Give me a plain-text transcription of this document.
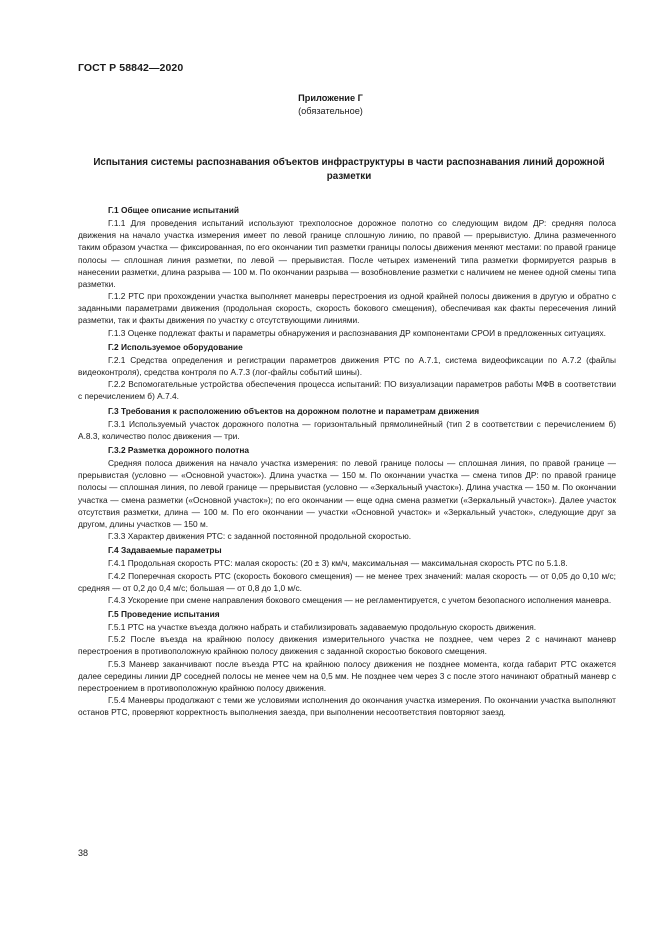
ГОСТ Р 58842—2020
Приложение Г
(обязательное)
Испытания системы распознавания объектов инфраструктуры в части распознавания линий дорожной разметки
Г.1 Общее описание испытаний

Г.1.1 Для проведения испытаний используют трехполосное дорожное полотно со следующим видом ДР: средняя полоса движения на начало участка измерения имеет по левой границе сплошную линию, по правой — прерывистую. Длина размеченного таким образом участка — фиксированная, по его окончании тип разметки границы полосы движения меняют местами: по правой границе полосы — сплошная линия разметки, по левой — прерывистая. После четырех изменений типа разметки формируется разрыв в нанесении разметки, длина разрыва — 100 м. По окончании разрыва — возобновление разметки с наличием не менее одной смены типа разметки.

Г.1.2 РТС при прохождении участка выполняет маневры перестроения из одной крайней полосы движения в другую и обратно с заданными параметрами движения (продольная скорость, скорость бокового смещения), обеспечивая как факты пересечения линий разметки, так и факты движения по участку с отсутствующими линиями.

Г.1.3 Оценке подлежат факты и параметры обнаружения и распознавания ДР компонентами СРОИ в предложенных ситуациях.

Г.2 Используемое оборудование

Г.2.1 Средства определения и регистрации параметров движения РТС по А.7.1, система видеофиксации по А.7.2 (файлы видеоконтроля), средства контроля по А.7.3 (лог-файлы событий шины).

Г.2.2 Вспомогательные устройства обеспечения процесса испытаний: ПО визуализации параметров работы МФВ в соответствии с перечислением б) А.7.4.

Г.3 Требования к расположению объектов на дорожном полотне и параметрам движения

Г.3.1 Используемый участок дорожного полотна — горизонтальный прямолинейный (тип 2 в соответствии с перечислением б) А.8.3, количество полос движения — три.

Г.3.2 Разметка дорожного полотна

Средняя полоса движения на начало участка измерения: по левой границе полосы — сплошная линия, по правой границе — прерывистая (условно — «Основной участок»). Длина участка — 150 м. По окончании участка — смена типов ДР: по правой границе полосы — сплошная линия, по левой границе — прерывистая (условно — «Зеркальный участок»). Длина участка — 150 м. По окончании участка — смена разметки («Основной участок»); по его окончании — еще одна смена разметки («Зеркальный участок»). Далее участок отсутствия разметки, длина — 100 м. По его окончании — участки «Основной участок» и «Зеркальный участок», следующие друг за другом, длины участков — 150 м.

Г.3.3 Характер движения РТС: с заданной постоянной продольной скоростью.

Г.4 Задаваемые параметры

Г.4.1 Продольная скорость РТС: малая скорость: (20 ± 3) км/ч, максимальная — максимальная скорость РТС по 5.1.8.

Г.4.2 Поперечная скорость РТС (скорость бокового смещения) — не менее трех значений: малая скорость — от 0,05 до 0,10 м/с; средняя — от 0,2 до 0,4 м/с; большая — от 0,8 до 1,0 м/с.

Г.4.3 Ускорение при смене направления бокового смещения — не регламентируется, с учетом безопасного исполнения маневра.

Г.5 Проведение испытания

Г.5.1 РТС на участке въезда должно набрать и стабилизировать задаваемую продольную скорость движения.

Г.5.2 После въезда на крайнюю полосу движения измерительного участка не позднее, чем через 2 с начинают маневр перестроения в противоположную крайнюю полосу движения с заданной скоростью бокового смещения.

Г.5.3 Маневр заканчивают после въезда РТС на крайнюю полосу движения не позднее момента, когда габарит РТС окажется далее середины линии ДР соседней полосы не менее чем на 0,5 мм. Не позднее чем через 3 с после этого начинают обратный маневр с перестроением в противоположную крайнюю полосу движения.

Г.5.4 Маневры продолжают с теми же условиями исполнения до окончания участка измерения. По окончании участка выполняют останов РТС, проверяют корректность выполнения заезда, при выполнении несоответствия повторяют заезд.

38
